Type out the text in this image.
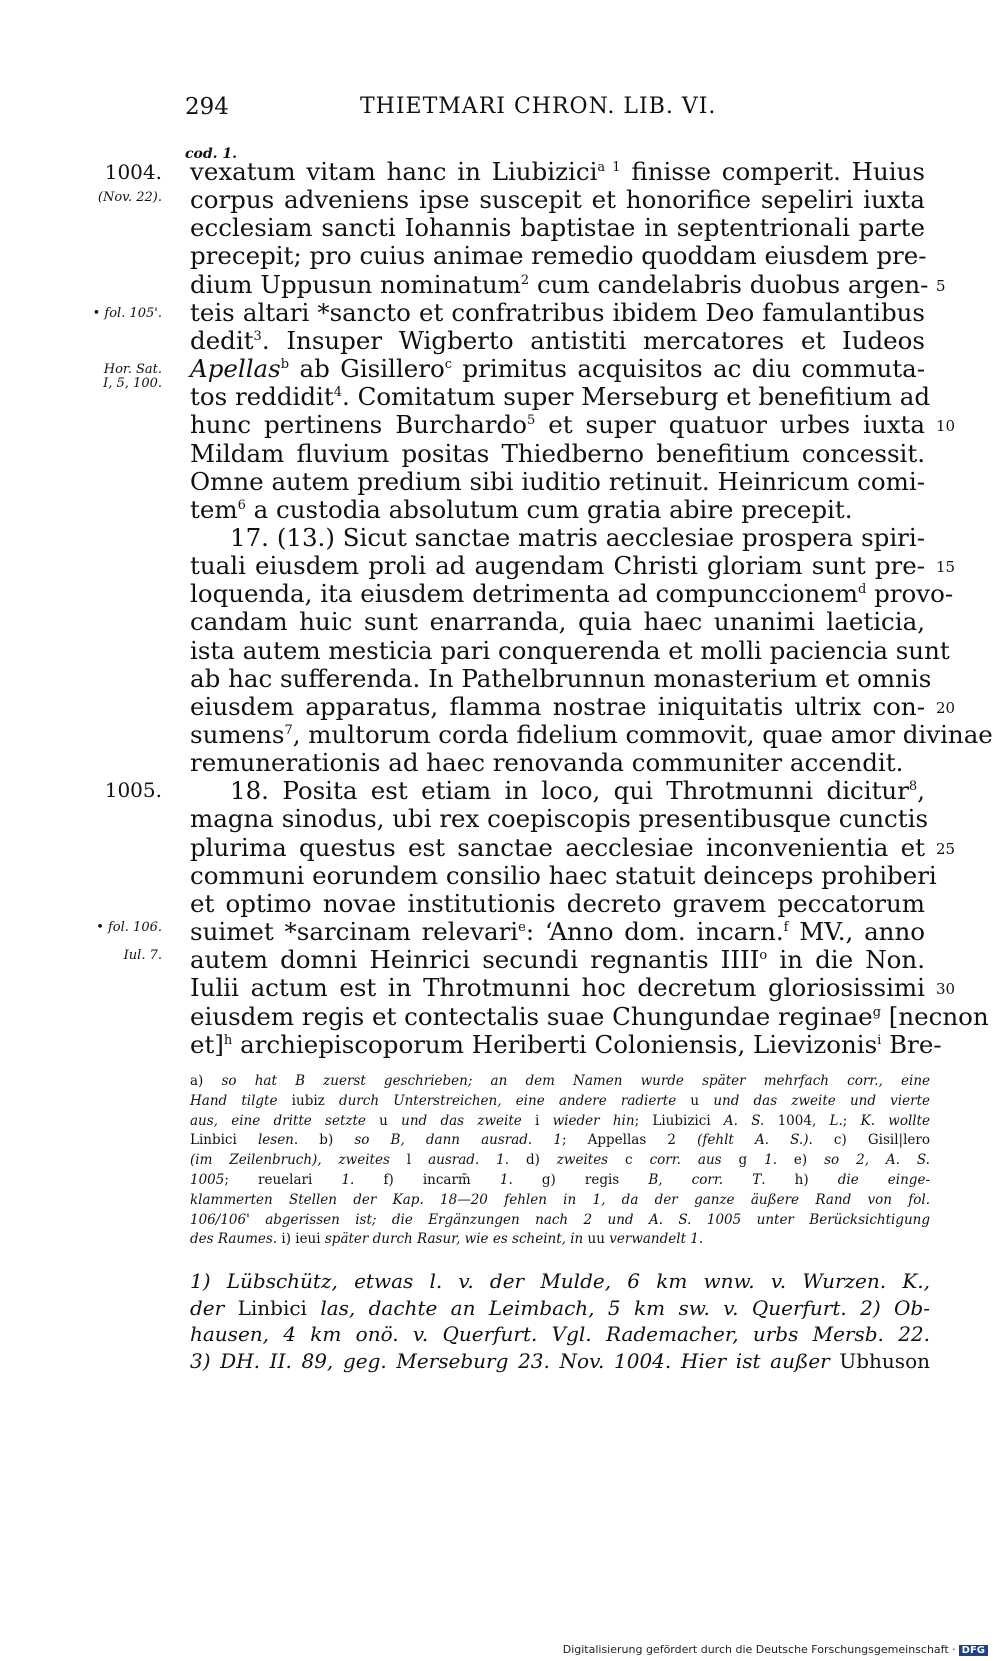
294	THIETMARI CHRON. LIB. VI.
cod. 1.
1004.
(Nov. 22).
• fol. 105'.
Hor. Sat.
I, 5, 100.
1005.
• fol. 106.
Iul. 7.
vexatum vitam hanc in Liubizici$^{a 1}$ finisse comperit. Huius
corpus adveniens ipse suscepit et honorifice sepeliri iuxta
ecclesiam sancti Iohannis baptistae in septentrionali parte
precepit; pro cuius animae remedio quoddam eiusdem pre-
dium Uppusun nominatum$^2$ cum candelabris duobus argen-
teis altari *sancto et confratribus ibidem Deo famulantibus
dedit$^3$. Insuper Wigberto antistiti mercatores et Iudeos
Apellas$^b$ ab Gisillero$^c$ primitus acquisitos ac diu commuta-
tos reddidit$^4$. Comitatum super Merseburg et benefitium ad
hunc pertinens Burchardo$^5$ et super quatuor urbes iuxta
Mildam fluvium positas Thiedberno benefitium concessit.
Omne autem predium sibi iuditio retinuit. Heinricum comi-
tem$^6$ a custodia absolutum cum gratia abire precepit.
17. (13.) Sicut sanctae matris aecclesiae prospera spiri-
tuali eiusdem proli ad augendam Christi gloriam sunt pre-
loquenda, ita eiusdem detrimenta ad compunccionem$^d$ provo-
candam huic sunt enarranda, quia haec unanimi laeticia,
ista autem mesticia pari conquerenda et molli paciencia sunt
ab hac sufferenda. In Pathelbrunnun monasterium et omnis
eiusdem apparatus, flamma nostrae iniquitatis ultrix con-
sumens$^7$, multorum corda fidelium commovit, quae amor divinae
remunerationis ad haec renovanda communiter accendit.
18. Posita est etiam in loco, qui Throtmunni dicitur$^8$,
magna sinodus, ubi rex coepiscopis presentibusque cunctis
plurima questus est sanctae aecclesiae inconvenientia et
communi eorundem consilio haec statuit deinceps prohiberi
et optimo novae institutionis decreto gravem peccatorum
suimet *sarcinam relevari$^e$: ‘Anno dom. incarn.$^f$ MV., anno
autem domni Heinrici secundi regnantis IIII$^o$ in die Non.
Iulii actum est in Throtmunni hoc decretum gloriosissimi
eiusdem regis et contectalis suae Chungundae reginae$^g$ [necnon
et]$^h$ archiepiscoporum Heriberti Coloniensis, Lievizonis$^i$ Bre-
5
10
15
20
25
30
a) so hat B zuerst geschrieben; an dem Namen wurde später mehrfach corr., eine
Hand tilgte iubiz durch Unterstreichen, eine andere radierte u und das zweite und vierte
aus, eine dritte setzte u und das zweite i wieder hin; Liubizici A. S. 1004, L.; K. wollte
Linbici lesen. b) so B, dann ausrad. 1; Appellas 2 (fehlt A. S.). c) Gisil|lero
(im Zeilenbruch), zweites l ausrad. 1. d) zweites c corr. aus g 1. e) so 2, A. S.
1005; reuelari 1. f) incarm̄ 1. g) regis B, corr. T. h) die einge-
klammerten Stellen der Kap. 18—20 fehlen in 1, da der ganze äußere Rand von fol.
106/106' abgerissen ist; die Ergänzungen nach 2 und A. S. 1005 unter Berücksichtigung
des Raumes. i) ieui später durch Rasur, wie es scheint, in uu verwandelt 1.
1) Lübschütz, etwas l. v. der Mulde, 6 km wnw. v. Wurzen. K.,
der Linbici las, dachte an Leimbach, 5 km sw. v. Querfurt. 2) Ob-
hausen, 4 km onö. v. Querfurt. Vgl. Rademacher, urbs Mersb. 22.
3) DH. II. 89, geg. Merseburg 23. Nov. 1004. Hier ist außer Ubhuson
Digitalisierung gefördert durch die Deutsche Forschungsgemeinschaft · DFG
